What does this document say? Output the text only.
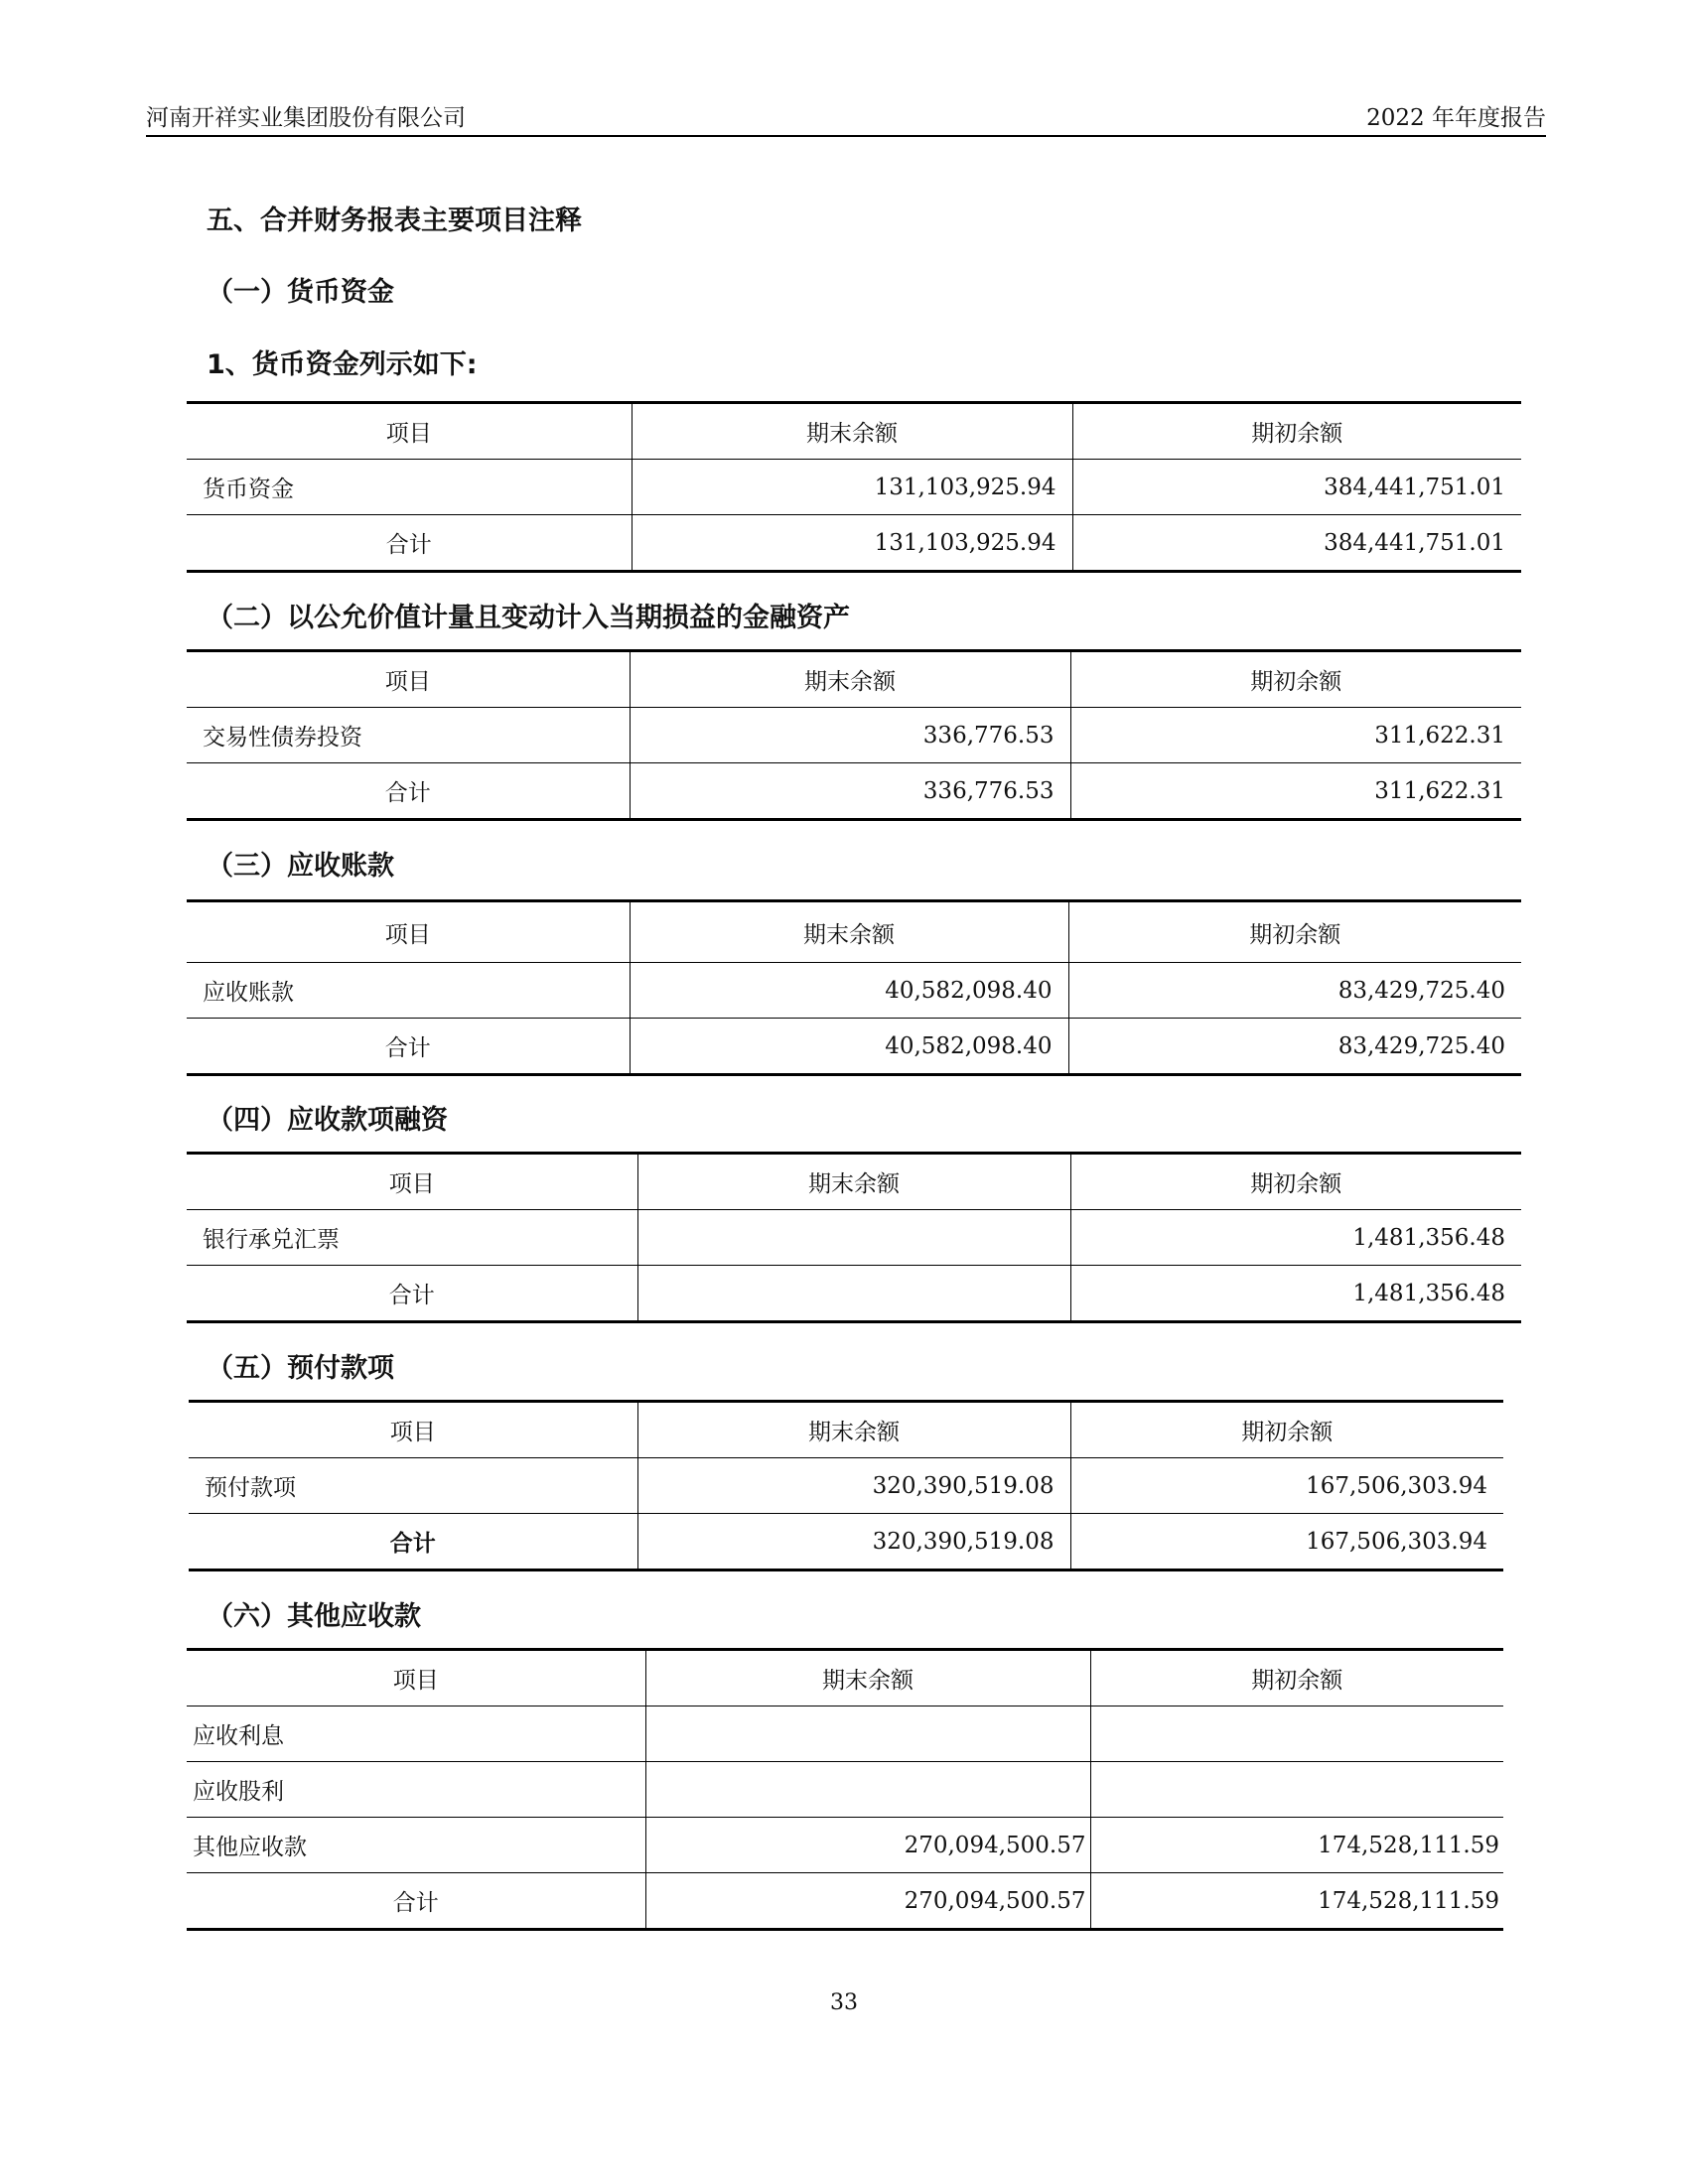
河南开祥实业集团股份有限公司	2022 年年度报告
五、合并财务报表主要项目注释
（一）货币资金
1、货币资金列示如下:
项目	期末余额	期初余额
货币资金	131,103,925.94	384,441,751.01
合计	131,103,925.94	384,441,751.01
（二）以公允价值计量且变动计入当期损益的金融资产
项目	期末余额	期初余额
交易性债券投资	336,776.53	311,622.31
合计	336,776.53	311,622.31
（三）应收账款
项目	期末余额	期初余额
应收账款	40,582,098.40	83,429,725.40
合计	40,582,098.40	83,429,725.40
（四）应收款项融资
项目	期末余额	期初余额
银行承兑汇票		1,481,356.48
合计		1,481,356.48
（五）预付款项
项目	期末余额	期初余额
预付款项	320,390,519.08	167,506,303.94
合计	320,390,519.08	167,506,303.94
（六）其他应收款
项目	期末余额	期初余额
应收利息		
应收股利		
其他应收款	270,094,500.57	174,528,111.59
合计	270,094,500.57	174,528,111.59
33
